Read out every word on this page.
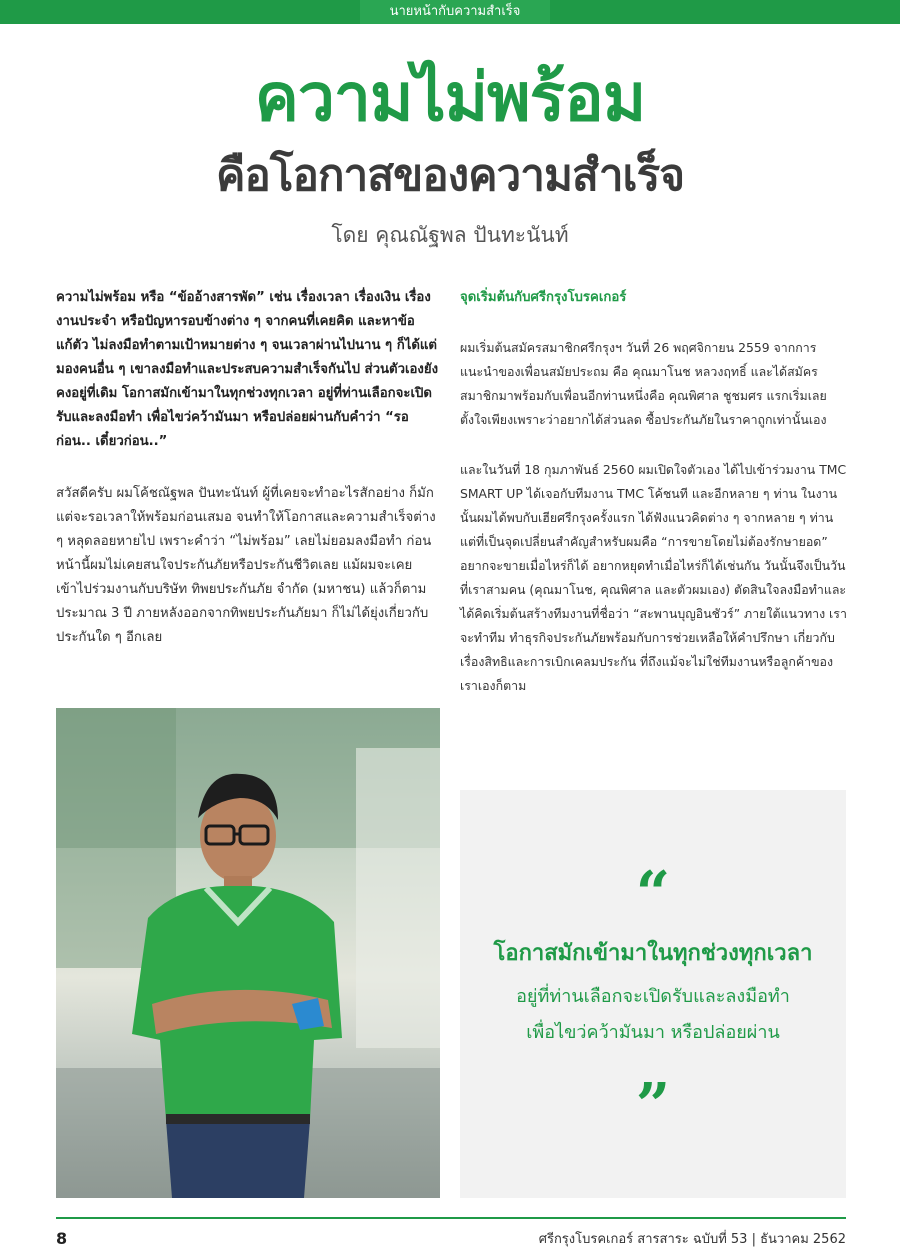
นายหน้ากับความสำเร็จ
ความไม่พร้อม
คือโอกาสของความสำเร็จ
โดย คุณณัฐพล ปันทะนันท์

ความไม่พร้อม หรือ “ข้ออ้างสารพัด” เช่น เรื่องเวลา เรื่องเงิน เรื่องงานประจำ หรือปัญหารอบข้างต่าง ๆ จากคนที่เคยคิด และหาข้อแก้ตัว ไม่ลงมือทำตามเป้าหมายต่าง ๆ จนเวลาผ่านไปนาน ๆ ก็ได้แต่มองคนอื่น ๆ เขาลงมือทำและประสบความสำเร็จกันไป ส่วนตัวเองยังคงอยู่ที่เดิม โอกาสมักเข้ามาในทุกช่วงทุกเวลา อยู่ที่ท่านเลือกจะเปิดรับและลงมือทำ เพื่อไขว่คว้ามันมา หรือปล่อยผ่านกับคำว่า “รอก่อน.. เดี๋ยวก่อน..”

สวัสดีครับ ผมโค้ชณัฐพล ปันทะนันท์ ผู้ที่เคยจะทำอะไรสักอย่าง ก็มักแต่จะรอเวลาให้พร้อมก่อนเสมอ จนทำให้โอกาสและความสำเร็จต่าง ๆ หลุดลอยหายไป เพราะคำว่า “ไม่พร้อม” เลยไม่ยอมลงมือทำ ก่อนหน้านี้ผมไม่เคยสนใจประกันภัยหรือประกันชีวิตเลย แม้ผมจะเคยเข้าไปร่วมงานกับบริษัท ทิพยประกันภัย จำกัด (มหาชน) แล้วก็ตาม ประมาณ 3 ปี ภายหลังออกจากทิพยประกันภัยมา ก็ไม่ได้ยุ่งเกี่ยวกับประกันใด ๆ อีกเลย

จุดเริ่มต้นกับศรีกรุงโบรคเกอร์

ผมเริ่มต้นสมัครสมาชิกศรีกรุงฯ วันที่ 26 พฤศจิกายน 2559 จากการแนะนำของเพื่อนสมัยประถม คือ คุณมาโนช หลวงฤทธิ์ และได้สมัครสมาชิกมาพร้อมกับเพื่อนอีกท่านหนึ่งคือ คุณพิศาล ชูชมศร แรกเริ่มเลย ตั้งใจเพียงเพราะว่าอยากได้ส่วนลด ซื้อประกันภัยในราคาถูกเท่านั้นเอง

และในวันที่ 18 กุมภาพันธ์ 2560 ผมเปิดใจตัวเอง ได้ไปเข้าร่วมงาน TMC SMART UP ได้เจอกับทีมงาน TMC โค้ชนที และอีกหลาย ๆ ท่าน ในงานนั้นผมได้พบกับเฮียศรีกรุงครั้งแรก ได้ฟังแนวคิดต่าง ๆ จากหลาย ๆ ท่าน แต่ที่เป็นจุดเปลี่ยนสำคัญสำหรับผมคือ “การขายโดยไม่ต้องรักษายอด” อยากจะขายเมื่อไหร่ก็ได้ อยากหยุดทำเมื่อไหร่ก็ได้เช่นกัน วันนั้นจึงเป็นวันที่เราสามคน (คุณมาโนช, คุณพิศาล และตัวผมเอง) ตัดสินใจลงมือทำและได้คิดเริ่มต้นสร้างทีมงานที่ชื่อว่า “สะพานบุญอินชัวร์” ภายใต้แนวทาง เราจะทำทีม ทำธุรกิจประกันภัยพร้อมกับการช่วยเหลือให้คำปรึกษา เกี่ยวกับเรื่องสิทธิและการเบิกเคลมประกัน ที่ถึงแม้จะไม่ใช่ทีมงานหรือลูกค้าของเราเองก็ตาม

“
โอกาสมักเข้ามาในทุกช่วงทุกเวลา
อยู่ที่ท่านเลือกจะเปิดรับและลงมือทำ
เพื่อไขว่คว้ามันมา หรือปล่อยผ่าน
”
8	ศรีกรุงโบรคเกอร์ สารสาระ ฉบับที่ 53 | ธันวาคม 2562
